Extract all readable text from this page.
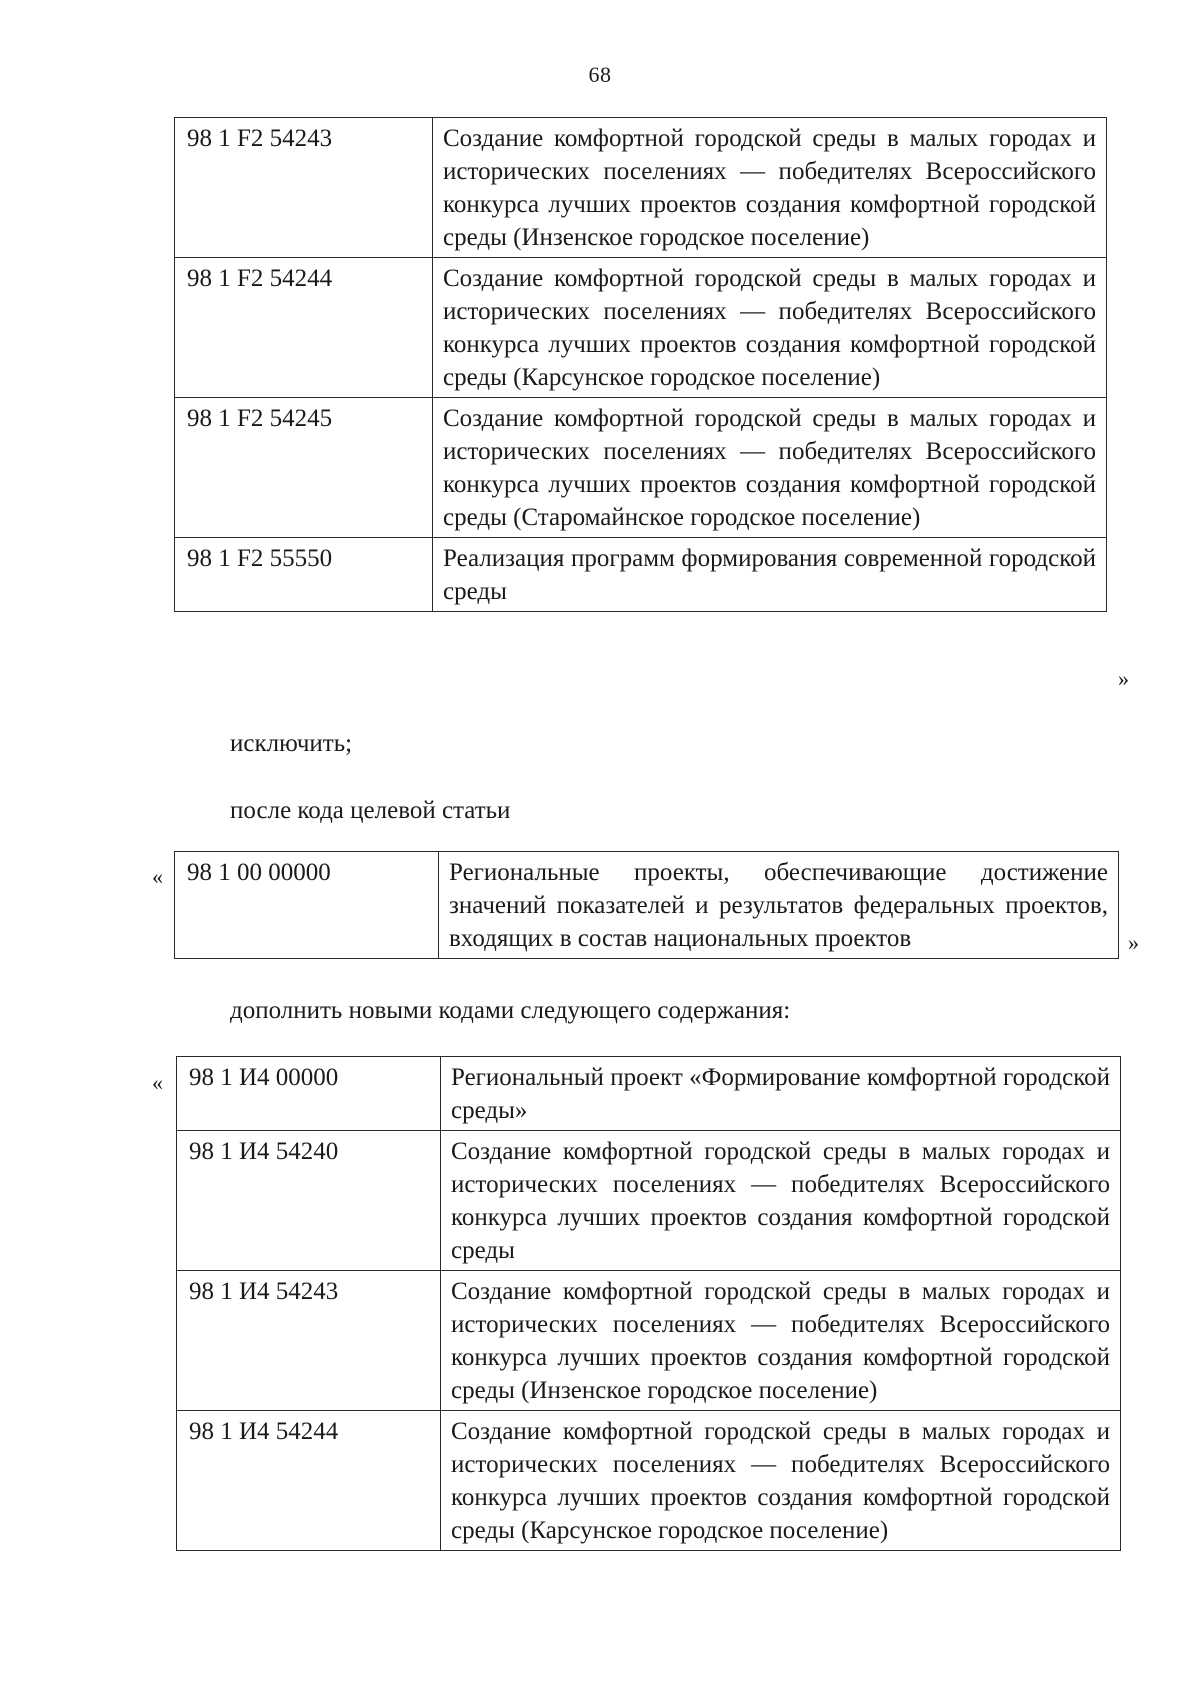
68
98 1 F2 54243	Создание комфортной городской среды в малых городах и исторических поселениях — победителях Всероссийского конкурса лучших проектов создания комфортной городской среды (Инзенское городское поселение)
98 1 F2 54244	Создание комфортной городской среды в малых городах и исторических поселениях — победителях Всероссийского конкурса лучших проектов создания комфортной городской среды (Карсунское городское поселение)
98 1 F2 54245	Создание комфортной городской среды в малых городах и исторических поселениях — победителях Всероссийского конкурса лучших проектов создания комфортной городской среды (Старомайнское городское поселение)
98 1 F2 55550	Реализация программ формирования современной городской среды
»

исключить;

после кода целевой статьи

« 98 1 00 00000	Региональные проекты, обеспечивающие достижение значений показателей и результатов федеральных проектов, входящих в состав национальных проектов	»

дополнить новыми кодами следующего содержания:

« 98 1 И4 00000	Региональный проект «Формирование комфортной городской среды»
98 1 И4 54240	Создание комфортной городской среды в малых городах и исторических поселениях — победителях Всероссийского конкурса лучших проектов создания комфортной городской среды
98 1 И4 54243	Создание комфортной городской среды в малых городах и исторических поселениях — победителях Всероссийского конкурса лучших проектов создания комфортной городской среды (Инзенское городское поселение)
98 1 И4 54244	Создание комфортной городской среды в малых городах и исторических поселениях — победителях Всероссийского конкурса лучших проектов создания комфортной городской среды (Карсунское городское поселение)
